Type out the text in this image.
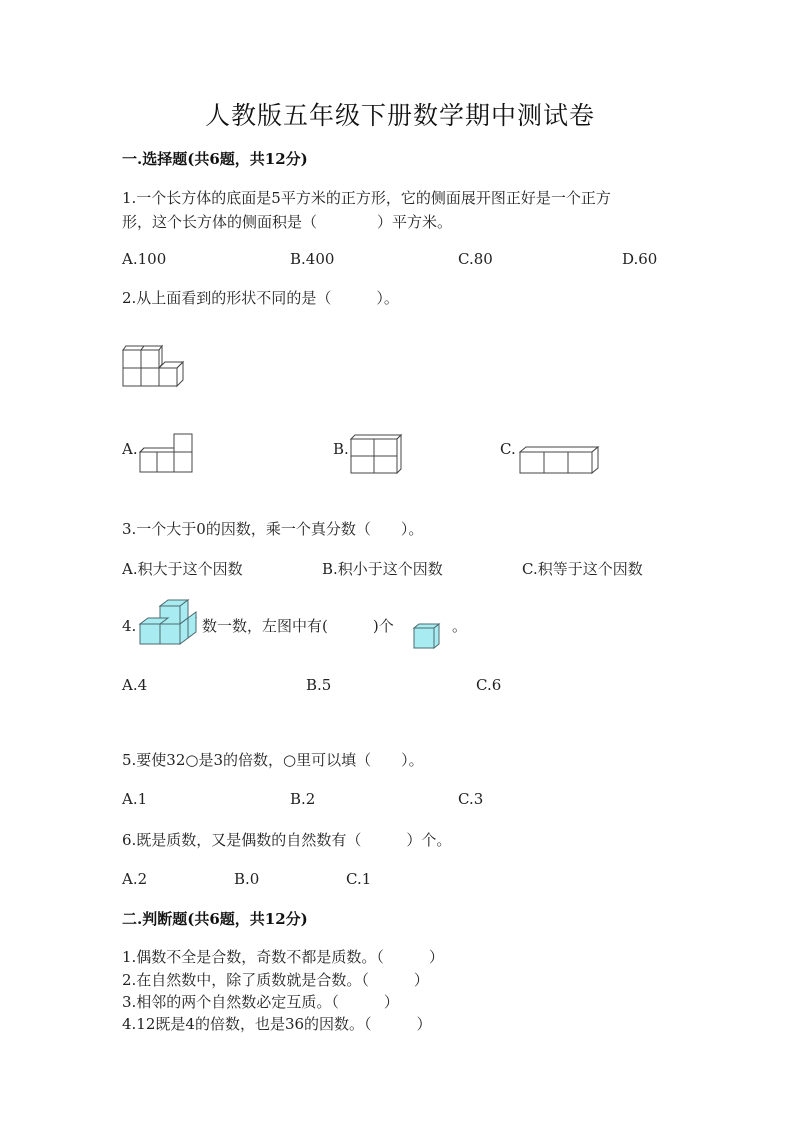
人教版五年级下册数学期中测试卷
一.选择题(共6题，共12分)
1.一个长方体的底面是5平方米的正方形，它的侧面展开图正好是一个正方
形，这个长方体的侧面积是（　　　　）平方米。
A.100	B.400	C.80	D.60
2.从上面看到的形状不同的是（　　　）。
A.	B.	C.
3.一个大于0的因数，乘一个真分数（　　）。
A.积大于这个因数	B.积小于这个因数	C.积等于这个因数
4.	数一数，左图中有(　　　)个	。
A.4	B.5	C.6
5.要使32○是3的倍数，○里可以填（　　）。
A.1	B.2	C.3
6.既是质数，又是偶数的自然数有（　　　）个。
A.2	B.0	C.1
二.判断题(共6题，共12分)
1.偶数不全是合数，奇数不都是质数。（　　　）
2.在自然数中，除了质数就是合数。（　　　）
3.相邻的两个自然数必定互质。（　　　）
4.12既是4的倍数，也是36的因数。（　　　）
